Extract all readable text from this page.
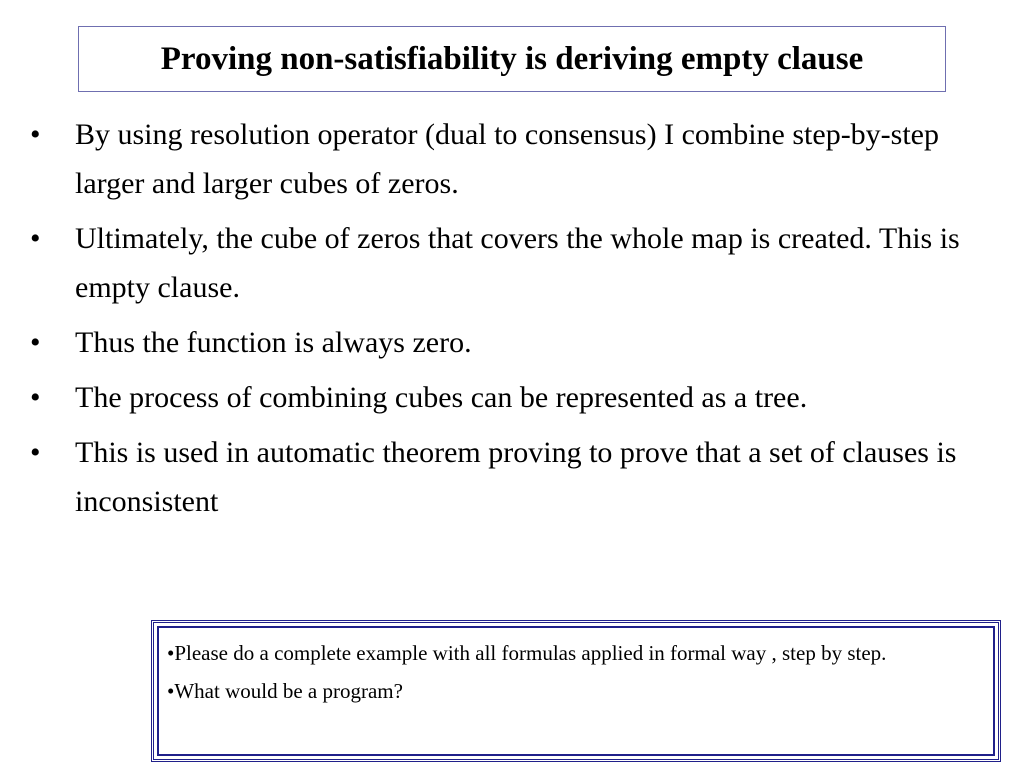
Proving non-satisfiability is deriving empty clause
• By using resolution operator (dual to consensus) I combine step-by-step larger and larger cubes of zeros.
• Ultimately, the cube of zeros that covers the whole map is created. This is empty clause.
• Thus the function is always zero.
• The process of combining cubes can be represented as a tree.
• This is used in automatic theorem proving to prove that a set of clauses is inconsistent

•Please do a complete example with all formulas applied in formal way , step by step.

•What would be a program?
